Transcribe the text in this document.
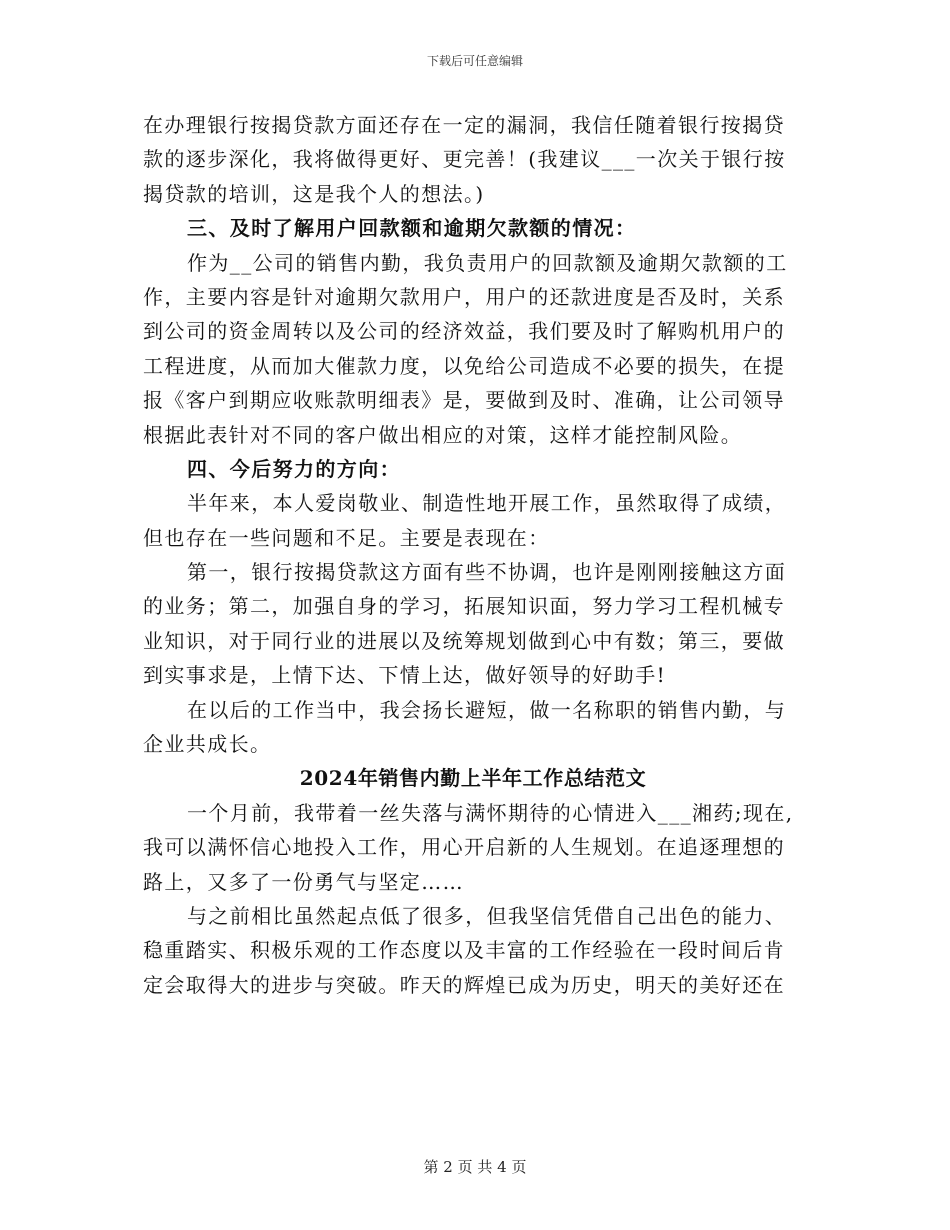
下载后可任意编辑
在办理银行按揭贷款方面还存在一定的漏洞，我信任随着银行按揭贷
款的逐步深化，我将做得更好、更完善！(我建议___一次关于银行按
揭贷款的培训，这是我个人的想法。)
三、及时了解用户回款额和逾期欠款额的情况：
作为__公司的销售内勤，我负责用户的回款额及逾期欠款额的工
作，主要内容是针对逾期欠款用户，用户的还款进度是否及时，关系
到公司的资金周转以及公司的经济效益，我们要及时了解购机用户的
工程进度，从而加大催款力度，以免给公司造成不必要的损失，在提
报《客户到期应收账款明细表》是，要做到及时、准确，让公司领导
根据此表针对不同的客户做出相应的对策，这样才能控制风险。
四、今后努力的方向：
半年来，本人爱岗敬业、制造性地开展工作，虽然取得了成绩，
但也存在一些问题和不足。主要是表现在：
第一，银行按揭贷款这方面有些不协调，也许是刚刚接触这方面
的业务；第二，加强自身的学习，拓展知识面，努力学习工程机械专
业知识，对于同行业的进展以及统筹规划做到心中有数；第三，要做
到实事求是，上情下达、下情上达，做好领导的好助手!
在以后的工作当中，我会扬长避短，做一名称职的销售内勤，与
企业共成长。
2024年销售内勤上半年工作总结范文
一个月前，我带着一丝失落与满怀期待的心情进入___湘药;现在,
我可以满怀信心地投入工作，用心开启新的人生规划。在追逐理想的
路上，又多了一份勇气与坚定……
与之前相比虽然起点低了很多，但我坚信凭借自己出色的能力、
稳重踏实、积极乐观的工作态度以及丰富的工作经验在一段时间后肯
定会取得大的进步与突破。昨天的辉煌已成为历史，明天的美好还在
第 2 页 共 4 页
